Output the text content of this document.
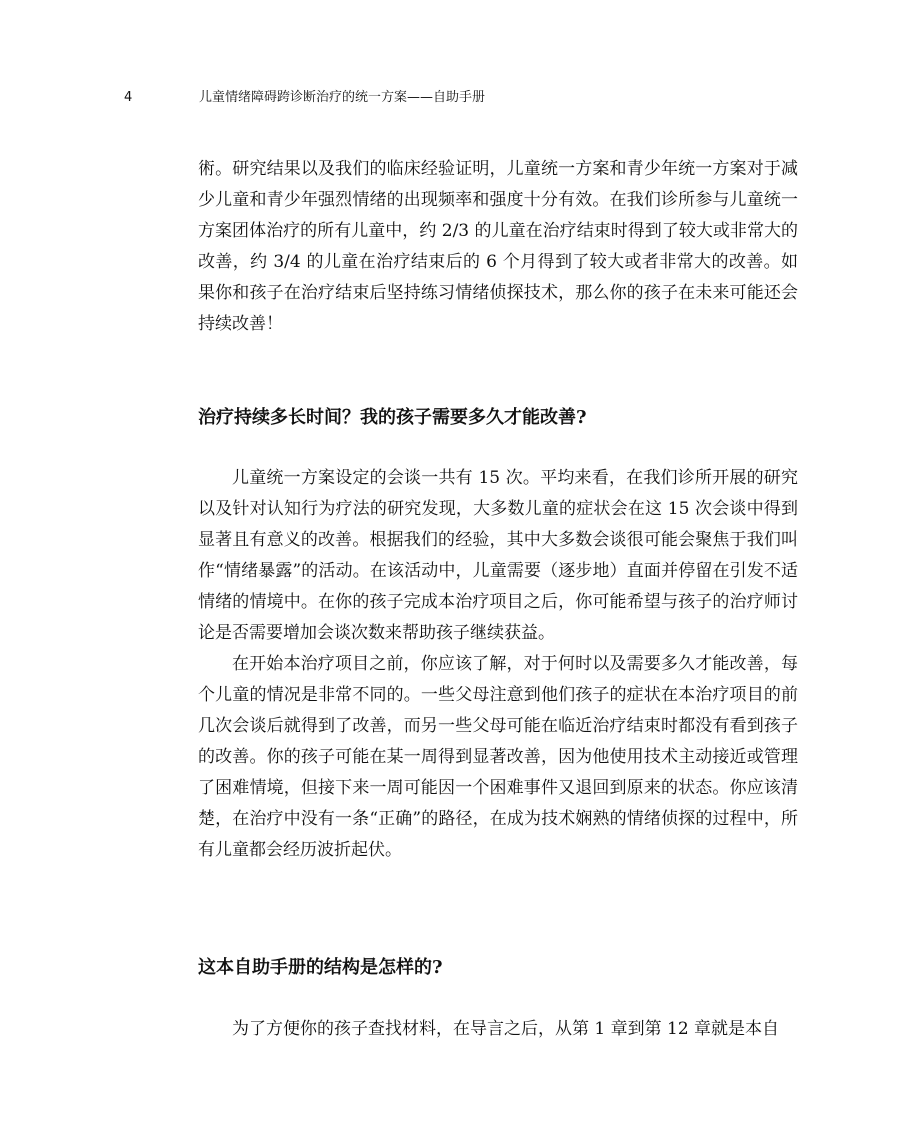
4	儿童情绪障碍跨诊断治疗的统一方案——自助手册

術。研究结果以及我们的临床经验证明，儿童统一方案和青少年统一方案对于减少儿童和青少年强烈情绪的出现频率和强度十分有效。在我们诊所参与儿童统一方案团体治疗的所有儿童中，约 2/3 的儿童在治疗结束时得到了较大或非常大的改善，约 3/4 的儿童在治疗结束后的 6 个月得到了较大或者非常大的改善。如果你和孩子在治疗结束后坚持练习情绪侦探技术，那么你的孩子在未来可能还会持续改善！

治疗持续多长时间？我的孩子需要多久才能改善?

儿童统一方案设定的会谈一共有 15 次。平均来看，在我们诊所开展的研究以及针对认知行为疗法的研究发现，大多数儿童的症状会在这 15 次会谈中得到显著且有意义的改善。根据我们的经验，其中大多数会谈很可能会聚焦于我们叫作“情绪暴露”的活动。在该活动中，儿童需要（逐步地）直面并停留在引发不适情绪的情境中。在你的孩子完成本治疗项目之后，你可能希望与孩子的治疗师讨论是否需要增加会谈次数来帮助孩子继续获益。

在开始本治疗项目之前，你应该了解，对于何时以及需要多久才能改善，每个儿童的情况是非常不同的。一些父母注意到他们孩子的症状在本治疗项目的前几次会谈后就得到了改善，而另一些父母可能在临近治疗结束时都没有看到孩子的改善。你的孩子可能在某一周得到显著改善，因为他使用技术主动接近或管理了困难情境，但接下来一周可能因一个困难事件又退回到原来的状态。你应该清楚，在治疗中没有一条“正确”的路径，在成为技术娴熟的情绪侦探的过程中，所有儿童都会经历波折起伏。

这本自助手册的结构是怎样的?

为了方便你的孩子查找材料，在导言之后，从第 1 章到第 12 章就是本自
